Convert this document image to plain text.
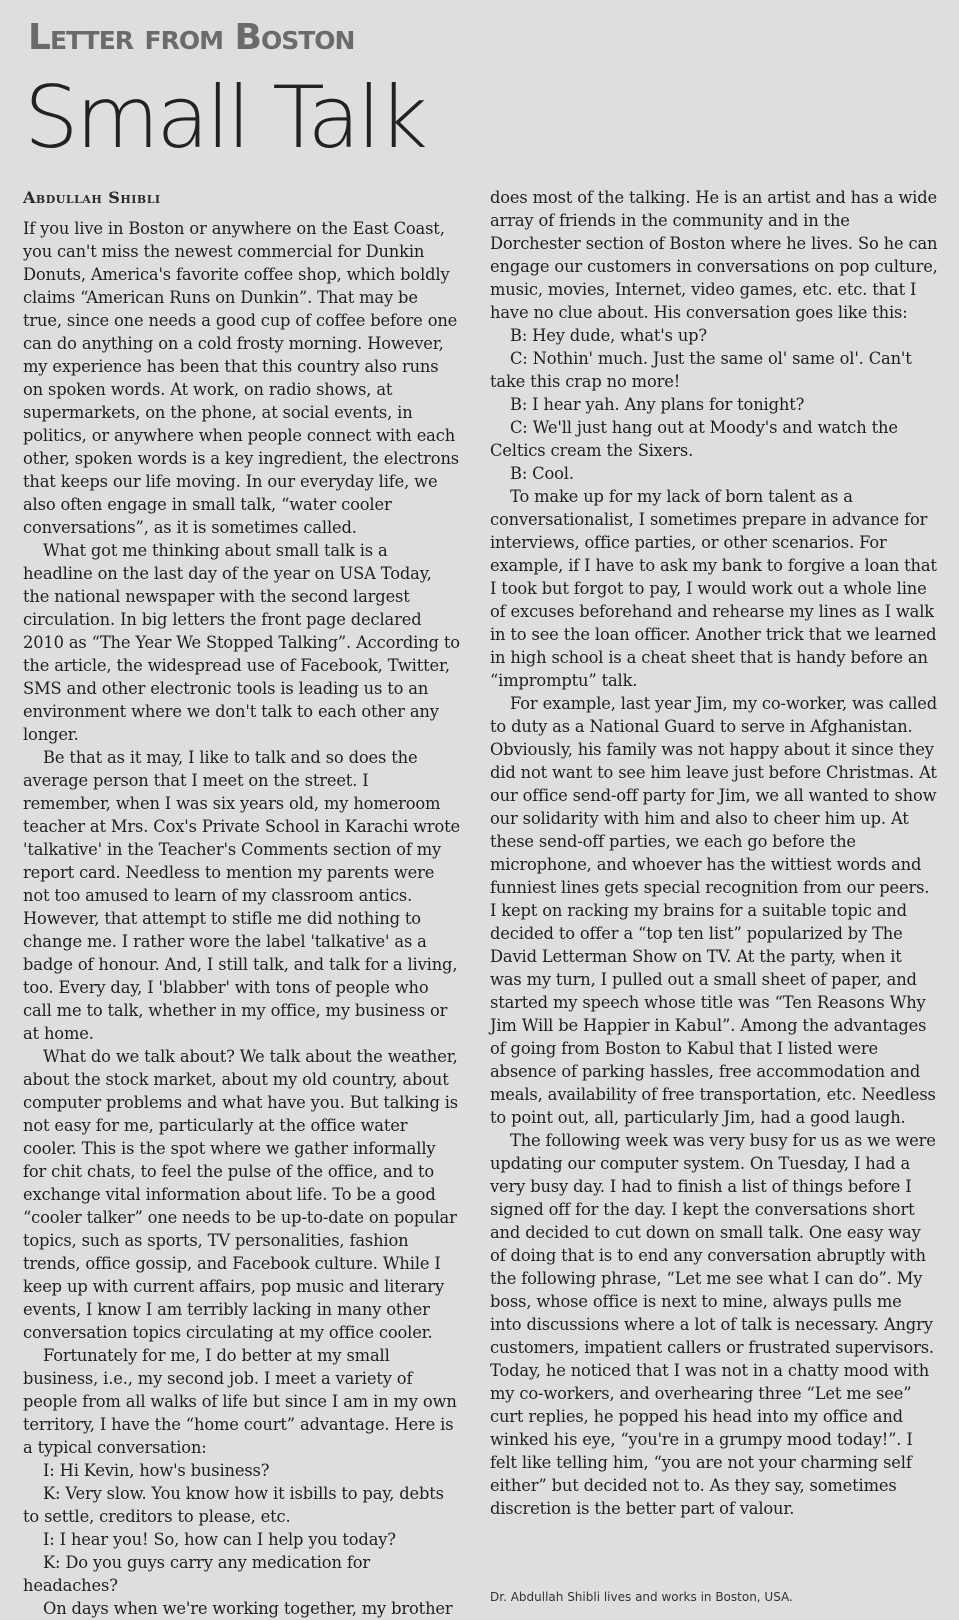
Letter from Boston
Small Talk
Abdullah Shibli

If you live in Boston or anywhere on the East Coast, you can't miss the newest commercial for Dunkin Donuts, America's favorite coffee shop, which boldly claims “American Runs on Dunkin”. That may be true, since one needs a good cup of coffee before one can do anything on a cold frosty morning. However, my experience has been that this country also runs on spoken words. At work, on radio shows, at supermarkets, on the phone, at social events, in politics, or anywhere when people connect with each other, spoken words is a key ingredient, the electrons that keeps our life moving. In our everyday life, we also often engage in small talk, “water cooler conversations”, as it is sometimes called.

What got me thinking about small talk is a headline on the last day of the year on USA Today, the national newspaper with the second largest circulation. In big letters the front page declared 2010 as “The Year We Stopped Talking”. According to the article, the widespread use of Facebook, Twitter, SMS and other electronic tools is leading us to an environment where we don't talk to each other any longer.

Be that as it may, I like to talk and so does the average person that I meet on the street. I remember, when I was six years old, my homeroom teacher at Mrs. Cox's Private School in Karachi wrote 'talkative' in the Teacher's Comments section of my report card. Needless to mention my parents were not too amused to learn of my classroom antics. However, that attempt to stifle me did nothing to change me. I rather wore the label 'talkative' as a badge of honour. And, I still talk, and talk for a living, too. Every day, I 'blabber' with tons of people who call me to talk, whether in my office, my business or at home.

What do we talk about? We talk about the weather, about the stock market, about my old country, about computer problems and what have you. But talking is not easy for me, particularly at the office water cooler. This is the spot where we gather informally for chit chats, to feel the pulse of the office, and to exchange vital information about life. To be a good “cooler talker” one needs to be up-to-date on popular topics, such as sports, TV personalities, fashion trends, office gossip, and Facebook culture. While I keep up with current affairs, pop music and literary events, I know I am terribly lacking in many other conversation topics circulating at my office cooler.

Fortunately for me, I do better at my small business, i.e., my second job. I meet a variety of people from all walks of life but since I am in my own territory, I have the “home court” advantage. Here is a typical conversation:

I: Hi Kevin, how's business?

K: Very slow. You know how it isbills to pay, debts to settle, creditors to please, etc.

I: I hear you! So, how can I help you today?

K: Do you guys carry any medication for headaches?

On days when we're working together, my brother

does most of the talking. He is an artist and has a wide array of friends in the community and in the Dorchester section of Boston where he lives. So he can engage our customers in conversations on pop culture, music, movies, Internet, video games, etc. etc. that I have no clue about. His conversation goes like this:

B: Hey dude, what's up?

C: Nothin' much. Just the same ol' same ol'. Can't take this crap no more!

B: I hear yah. Any plans for tonight?

C: We'll just hang out at Moody's and watch the Celtics cream the Sixers.

B: Cool.

To make up for my lack of born talent as a conversationalist, I sometimes prepare in advance for interviews, office parties, or other scenarios. For example, if I have to ask my bank to forgive a loan that I took but forgot to pay, I would work out a whole line of excuses beforehand and rehearse my lines as I walk in to see the loan officer. Another trick that we learned in high school is a cheat sheet that is handy before an “impromptu” talk.

For example, last year Jim, my co-worker, was called to duty as a National Guard to serve in Afghanistan. Obviously, his family was not happy about it since they did not want to see him leave just before Christmas. At our office send-off party for Jim, we all wanted to show our solidarity with him and also to cheer him up. At these send-off parties, we each go before the microphone, and whoever has the wittiest words and funniest lines gets special recognition from our peers. I kept on racking my brains for a suitable topic and decided to offer a “top ten list” popularized by The David Letterman Show on TV. At the party, when it was my turn, I pulled out a small sheet of paper, and started my speech whose title was “Ten Reasons Why Jim Will be Happier in Kabul”. Among the advantages of going from Boston to Kabul that I listed were absence of parking hassles, free accommodation and meals, availability of free transportation, etc. Needless to point out, all, particularly Jim, had a good laugh.

The following week was very busy for us as we were updating our computer system. On Tuesday, I had a very busy day. I had to finish a list of things before I signed off for the day. I kept the conversations short and decided to cut down on small talk. One easy way of doing that is to end any conversation abruptly with the following phrase, “Let me see what I can do”. My boss, whose office is next to mine, always pulls me into discussions where a lot of talk is necessary. Angry customers, impatient callers or frustrated supervisors. Today, he noticed that I was not in a chatty mood with my co-workers, and overhearing three “Let me see” curt replies, he popped his head into my office and winked his eye, “you're in a grumpy mood today!”. I felt like telling him, “you are not your charming self either” but decided not to. As they say, sometimes discretion is the better part of valour.

Dr. Abdullah Shibli lives and works in Boston, USA.
